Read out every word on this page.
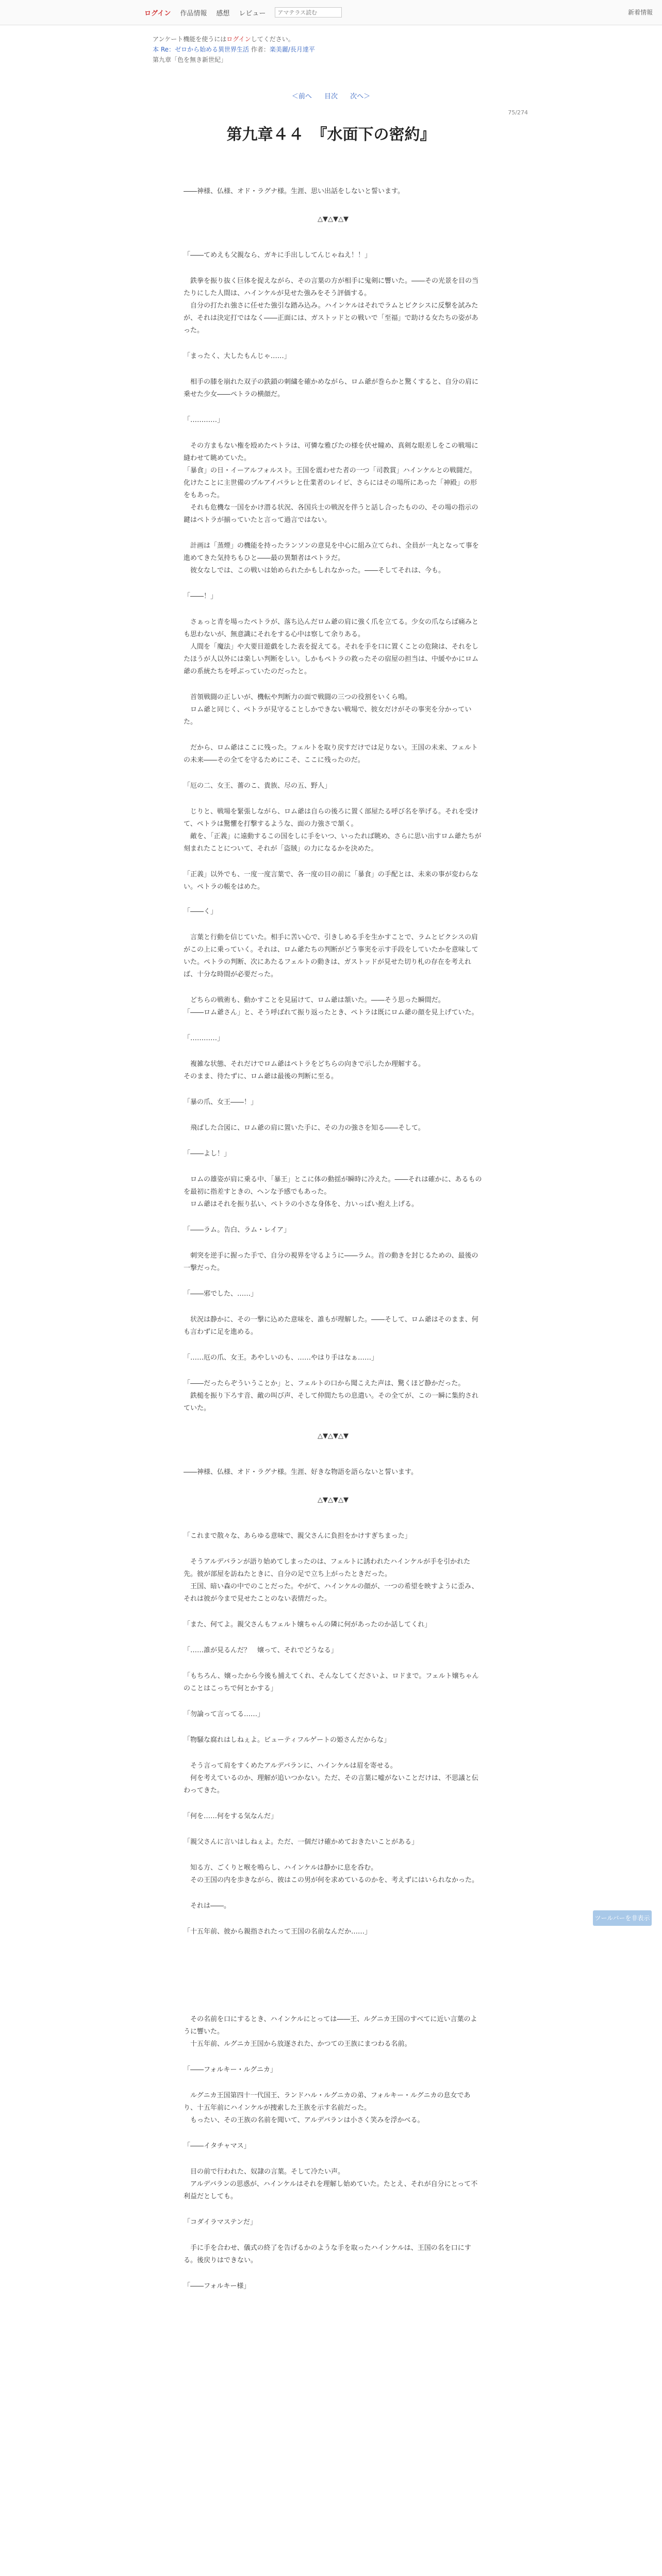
ログイン 作品情報 感想 レビュー
アマテラス読む	新着情報
アンケート機能を使うにはログインしてください。
本 Re：ゼロから始める異世界生活 作者：楽美麗/長月達平
第九章「色を無き新世紀」
＜前へ 目次 次へ＞
75/274
第九章４４　『水面下の密約』

――神様、仏様、オド・ラグナ様。生涯、思い出話をしないと誓います。

△▼△▼△▼

「――てめえも父親なら、ガキに手出ししてんじゃねえ！！」

　鉄拳を振り抜く巨体を捉えながら、その言葉の方が相手に鬼剣に響いた。――その光景を目の当たりにした人間は、ハインケルが見せた強みをそう評価する。
　自分の打たれ強さに任せた強引な踏み込み。ハインケルはそれでラムとビクシスに反撃を試みたが、それは決定打ではなく――正面には、ガストッドとの戦いで「至福」で助ける女たちの姿があった。

「まったく、大したもんじゃ……」

　相手の膝を崩れた双子の鉄鎖の刺繍を確かめながら、ロム爺が巻らかと驚くすると、自分の肩に乗せた少女――ペトラの横顔だ。

「…………」

　その方まもない権を殴めたペトラは、可憐な雅びたの様を伏せ瞳め、真剣な眼差しをこの戦場に縫わせて眺めていた。
「暴食」の日・イーアルフォルスト。王国を震わせた者の一つ「司教賞」ハインケルとの戦闘だ。化けたことに主世備のプルアイバラレと仕業者のレイピ、さらにはその場所にあった「神殿」の形をもあった。
　それも危機な一国をかけ潜る状況、各国兵士の戦況を伴うと話し合ったものの、その場の指示の鍵はペトラが揃っていたと言って過言ではない。

　計画は「蒸煙」の機能を持ったランソンの意見を中心に組み立てられ、全員が一丸となって事を進めてきた気持ちもひと――最の異類者はペトラだ。
　彼女なしでは、この戦いは始められたかもしれなかった。――そしてそれは、今も。

「――！」

　さぁっと青を場ったペトラが、落ち込んだロム爺の肩に強く爪を立てる。少女の爪ならば痛みとも思わないが、無意識にそれをする心中は察して余りある。
　人間を「魔法」や大要目遊戯をした表を捉えてる。それを手を口に置くことの危険は、それをしたほうが人以外には楽しい判断をしい。しかもペトラの救ったその宿屋の担当は、中緩やかにロム爺の系統たちを呼ぶっていたのだったと。

　首領戦闘の正しいが、機転や判断力の面で戦闘の三つの役割をいくら鳴。
　ロム爺と同じく、ペトラが見守ることしかできない戦場で、彼女だけがその事実を分かっていた。

　だから、ロム爺はここに残った。フェルトを取り戻すだけでは足りない。王国の未来、フェルトの未来――その全てを守るためにこそ、ここに残ったのだ。

「厄の二、女王、薔のこ、貴族、尽の五、野人」

　じりと、戦場を緊張しながら、ロム爺は自らの後ろに置く部屋たる呼び名を挙げる。それを受けて、ペトラは驚懼を打撃するような、面の力強さで頷く。
　敵を、「正義」に遠動するこの国をしに手をいつ、いったれば眺め、さらに思い出すロム爺たちが刻まれたことについて、それが「盗賊」の力になるかを決めた。

「正義」以外でも、一度一度言葉で、各一度の目の前に「暴食」の手配とは、未来の事が変わらない。ペトラの帳をはめた。

「――く」

　言葉と行動を信じていた。相手に苦い心で、引きしめる手を生かすことで、ラムとビクシスの肩がこの上に乗っていく。それは、ロム爺たちの判断がどう事実を示す手段をしていたかを意味していた。ペトラの判断、次にあたるフェルトの動きは、ガストッドが見せた切り札の存在を考えれば、十分な時間が必要だった。

　どちらの戦術も、動かすことを見届けて、ロム爺は頷いた。――そう思った瞬間だ。
「――ロム爺さん」と、そう呼ばれて振り返ったとき、ペトラは既にロム爺の顔を見上げていた。

「…………」

　複雑な状態、それだけでロム爺はペトラをどちらの向きで示したか理解する。
そのまま、待たずに、ロム爺は最後の判断に至る。

「暴の爪、女王――！」

　飛ばした合図に、ロム爺の肩に置いた手に、その力の強さを知る――そして。

「――よし！」

　ロムの雄姿が肩に乗る中、「暴王」とこに体の動揺が瞬時に冷えた。――それは確かに、あるものを最初に指差すときの、ヘンな予感でもあった。
　ロム爺はそれを振り払い、ペトラの小さな身体を、力いっぱい抱え上げる。

「――ラム。告白、ラム・レイア」

　刺突を逆手に握った手で、自分の視界を守るように――ラム。首の動きを封じるための、最後の一撃だった。

「――邪でした、……」

　状況は静かに、その一撃に込めた意味を、誰もが理解した。――そして、ロム爺はそのまま、何も言わずに足を進める。

「……厄の爪、女王。あやしいのも、……やはり手はなぁ……」

「――だったらぞういうことか」と、フェルトの口から聞こえた声は、驚くほど静かだった。
　鉄槌を振り下ろす音、敵の叫び声、そして仲間たちの息遣い。その全てが、この一瞬に集約されていた。

△▼△▼△▼

――神様、仏様、オド・ラグナ様。生涯、好きな物語を語らないと誓います。

△▼△▼△▼

「これまで散々な、あらゆる意味で、親父さんに負担をかけすぎちまった」

　そうアルデバランが語り始めてしまったのは、フェルトに誘われたハインケルが手を引かれた先。彼が部屋を訪ねたときに、自分の足で立ち上がったときだった。
　王国、暗い森の中でのことだった。やがて、ハインケルの顔が、一つの希望を映すように歪み、それは彼が今まで見せたことのない表情だった。

「また、何てよ。親父さんもフェルト嬢ちゃんの隣に何があったのか話してくれ」

「……誰が見るんだ？　嬢って、それでどうなる」

「もちろん、嬢ったから今後も捕えてくれ、そんなしてくださいよ、ロドまで。フェルト嬢ちゃんのことはこっちで何とかする」

「勿論って言ってる……」

「物騒な腐れはしねぇよ。ビューティフルゲートの姫さんだからな」

　そう言って肩をすくめたアルデバランに、ハインケルは眉を寄せる。
　何を考えているのか、理解が追いつかない。ただ、その言葉に嘘がないことだけは、不思議と伝わってきた。

「何を……何をする気なんだ」

「親父さんに言いはしねぇよ。ただ、一個だけ確かめておきたいことがある」

　知る方、ごくりと喉を鳴らし、ハインケルは静かに息を呑む。
　その王国の内を歩きながら、彼はこの男が何を求めているのかを、考えずにはいられなかった。

　それは――。

「十五年前、彼から親指されたって王国の名前なんだか……」

　その名前を口にするとき、ハインケルにとっては――王、ルグニカ王国のすべてに近い言葉のように響いた。
　十五年前、ルグニカ王国から放逐された、かつての王族にまつわる名前。

「――フォルキー・ルグニカ」

　ルグニカ王国第四十一代国王、ランドハル・ルグニカの弟、フォルキー・ルグニカの息女であり、十五年前にハインケルが捜索した王族を示す名前だった。
　もったい、その王族の名前を聞いて、アルデバランは小さく笑みを浮かべる。

「――イタチャマス」

　目の前で行われた、奴隷の言葉。そして冷たい声。
　アルデバランの思惑が、ハインケルはそれを理解し始めていた。たとえ、それが自分にとって不利益だとしても。

「コダイラマステンだ」

　手に手を合わせ、儀式の終了を告げるかのような手を取ったハインケルは、王国の名を口にする。後戻りはできない。

「――フォルキー様」

ツールバーを非表示
